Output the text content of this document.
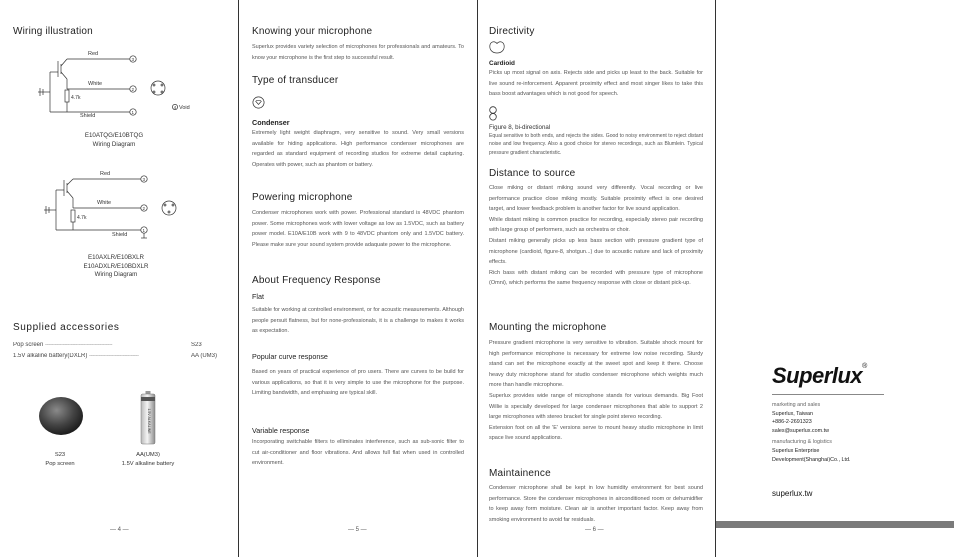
Wiring illustration
Red
White
Shield
4.7k
3
2
1
4 Void
E10ATQG/E10BTQG
Wiring Diagram
Red
White
Shield
4.7k
3
2
1
E10AXLR/E10BXLR
E10ADXLR/E10BDXLR
Wiring Diagram
Supplied accessories
Pop screen ------------------------------------------	S23
1.5V alkaline battery(DXLR) -------------------------------	AA (UM3)
1.5V ALKALINE
S23
Pop screen
AA(UM3)
1.5V alkaline battery
— 4 —
Knowing your microphone
Superlux provides variety selection of microphones for professionals and amateurs. To know your microphone is the first step to successful result.
Type of transducer
Condenser
Extremely light weight diaphragm, very sensitive to sound. Very small versions available for hiding applications. High performance condenser microphones are regarded as standard equipment of recording studios for extreme detail capturing. Operates with power, such as phantom or battery.
Powering microphone
Condenser microphones work with power. Professional standard is 48VDC phantom power. Some microphones work with lower voltage as low as 1.5VDC, such as battery power model. E10A/E10B work with 9 to 48VDC phantom only and 1.5VDC battery. Please make sure your sound system provide adaquate power to the microphone.
About Frequency Response
Flat
Suitable for working at controlled environment, or for acoustic measurements. Although people persuit flatness, but for none-professionals, it is a challenge to makes it works as expectation.
Popular curve response
Based on years of practical experience of pro users. There are curves to be build for various applications, so that it is very simple to use the microphone for the purpose. Limiting bandwidth, and emphasing are typical skill.
Variable response
Incorporating switchable filters to elliminates interference, such as sub-sonic filter to cut air-conditioner and floor vibrations. And allows full flat when used in controlled environment.
— 5 —
Directivity
Cardioid
Picks up most signal on axis. Rejects side and picks up least to the back. Suitable for live sound re-inforcement. Apparent proximity effect and most singer likes to take this bass boost advantages which is not good for speech.
Figure 8, bi-directional
Equal sensitive to both ends, and rejects the sides. Good to noisy environment to reject distant noise and low frequency. Also a good choice for stereo recordings, such as Blumlein. Typical pressure gradient characteristic.
Distance to source
Close miking or distant miking sound very differently. Vocal recording or live performance practice close miking mostly. Suitable proximity effect is one desired target, and lower feedback problem is another factor for live sound application.
While distant miking is common practice for recording, especially stereo pair recording with large group of performers, such as orchestra or choir.
Distant miking generally picks up less bass section with pressure gradient type of microphone (cardioid, figure-8, shotgun...) due to acoustic nature and lack of proximity effects.
Rich bass with distant miking can be recorded with pressure type of microphone (Omni), which performs the same frequency response with close or distant pick-up.
Mounting the microphone
Pressure gradient microphone is very sensitive to vibration. Suitable shock mount for high performance microphone is necessary for extreme low noise recording. Sturdy stand can set the microphone exactly at the sweet spot and keep it there. Choose heavy duty microphone stand for studio condenser microphone which weights much more than handle microphone.
Superlux provides wide range of microphone stands for various demands. Big Foot Willie is specially developed for large condenser microphones that able to support 2 large microphones with stereo bracket for single point stereo recording.
Extension foot on all the 'E' versions serve to mount heavy studio microphone in limit space live sound applications.
Maintainence
Condenser microphone shall be kept in low humidity environment for best sound performance. Store the condenser microphones in airconditioned room or dehumidifier to keep away form moisture. Clean air is another important factor. Keep away from smoking environment to avoid far residuals.
— 6 —
Superlux®
marketing and sales
Superlux, Taiwan
+886-2-2691323
sales@superlux.com.tw
manufacturing & logistics
Superlux Enterprise
Development(Shanghai)Co., Ltd.
superlux.tw
